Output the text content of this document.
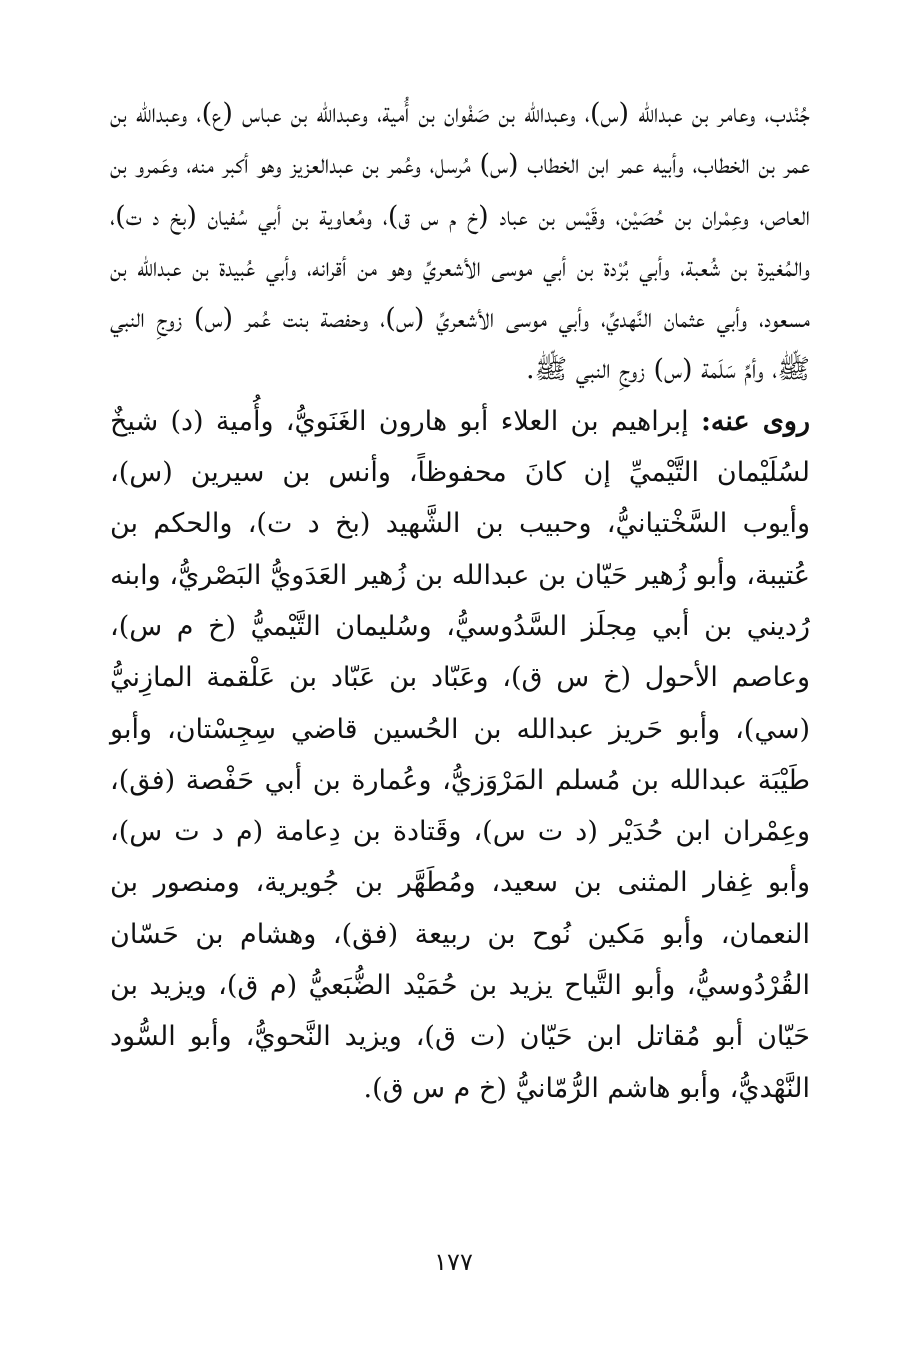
جُنْدب، وعامر بن عبدالله (س)، وعبدالله بن صَفْوان بن أُمية، وعبدالله بن عباس (ع)، وعبدالله بن عمر بن الخطاب، وأبيه عمر ابن الخطاب (س) مُرسل، وعُمر بن عبدالعزيز وهو أكبر منه، وعَمرو بن العاص، وعِمْران بن حُصَيْن، وقَيْس بن عباد (خ م س ق)، ومُعاوية بن أبي سُفيان (بخ د ت)، والمُغيرة بن شُعبة، وأبي بُرْدة بن أبي موسى الأشعريِّ وهو من أقرانه، وأبي عُبيدة بن عبدالله بن مسعود، وأبي عثمان النَّهديِّ، وأبي موسى الأشعريِّ (س)، وحفصة بنت عُمر (س) زوجِ النبي ﷺ، وأمِّ سَلَمة (س) زوجِ النبي ﷺ.

روى عنه: إبراهيم بن العلاء أبو هارون الغَنَويُّ، وأُمية (د) شيخٌ لسُلَيْمان التَّيْميِّ إن كانَ محفوظاً، وأنس بن سيرين (س)، وأيوب السَّخْتيانيُّ، وحبيب بن الشَّهيد (بخ د ت)، والحكم بن عُتيبة، وأبو زُهير حَيّان بن عبدالله بن زُهير العَدَويُّ البَصْريُّ، وابنه رُديني بن أبي مِجلَز السَّدُوسيُّ، وسُليمان التَّيْميُّ (خ م س)، وعاصم الأحول (خ س ق)، وعَبّاد بن عَبّاد بن عَلْقمة المازِنيُّ (سي)، وأبو حَريز عبدالله بن الحُسين قاضي سِجِسْتان، وأبو طَيْبَة عبدالله بن مُسلم المَرْوَزيُّ، وعُمارة بن أبي حَفْصة (فق)، وعِمْران ابن حُدَيْر (د ت س)، وقَتادة بن دِعامة (م د ت س)، وأبو غِفار المثنى بن سعيد، ومُطَهَّر بن جُويرية، ومنصور بن النعمان، وأبو مَكين نُوح بن ربيعة (فق)، وهشام بن حَسّان القُرْدُوسيُّ، وأبو التَّياح يزيد بن حُمَيْد الضُّبَعيُّ (م ق)، ويزيد بن حَيّان أبو مُقاتل ابن حَيّان (ت ق)، ويزيد النَّحويُّ، وأبو السُّود النَّهْديُّ، وأبو هاشم الرُّمّانيُّ (خ م س ق).

١٧٧
